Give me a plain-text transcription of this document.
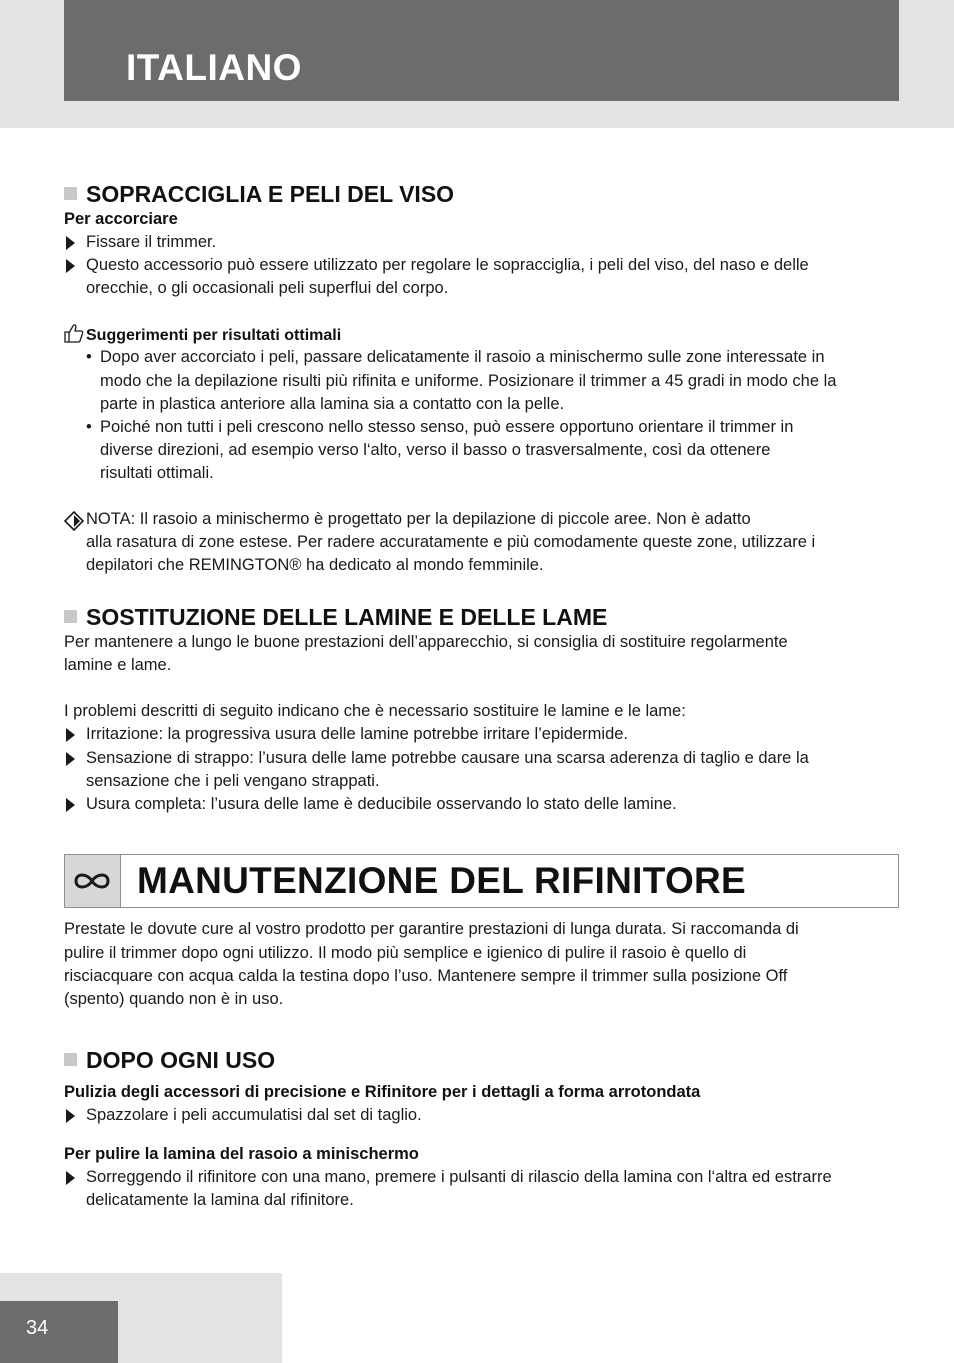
ITALIANO
SOPRACCIGLIA E PELI DEL VISO
Per accorciare
Fissare il trimmer.
Questo accessorio può essere utilizzato per regolare le sopracciglia, i peli del viso, del naso e delle
orecchie, o gli occasionali peli superflui del corpo.
Suggerimenti per risultati ottimali
• Dopo aver accorciato i peli, passare delicatamente il rasoio a minischermo sulle zone interessate in
modo che la depilazione risulti più rifinita e uniforme. Posizionare il trimmer a 45 gradi in modo che la
parte in plastica anteriore alla lamina sia a contatto con la pelle.
• Poiché non tutti i peli crescono nello stesso senso, può essere opportuno orientare il trimmer in
diverse direzioni, ad esempio verso l‘alto, verso il basso o trasversalmente, così da ottenere
risultati ottimali.
NOTA: Il rasoio a minischermo è progettato per la depilazione di piccole aree. Non è adatto
alla rasatura di zone estese. Per radere accuratamente e più comodamente queste zone, utilizzare i
depilatori che REMINGTON® ha dedicato al mondo femminile.
SOSTITUZIONE DELLE LAMINE E DELLE LAME
Per mantenere a lungo le buone prestazioni dell’apparecchio, si consiglia di sostituire regolarmente
lamine e lame.
I problemi descritti di seguito indicano che è necessario sostituire le lamine e le lame:
Irritazione: la progressiva usura delle lamine potrebbe irritare l’epidermide.
Sensazione di strappo: l’usura delle lame potrebbe causare una scarsa aderenza di taglio e dare la
sensazione che i peli vengano strappati.
Usura completa: l’usura delle lame è deducibile osservando lo stato delle lamine.
MANUTENZIONE DEL RIFINITORE
Prestate le dovute cure al vostro prodotto per garantire prestazioni di lunga durata. Si raccomanda di
pulire il trimmer dopo ogni utilizzo. Il modo più semplice e igienico di pulire il rasoio è quello di
risciacquare con acqua calda la testina dopo l’uso. Mantenere sempre il trimmer sulla posizione Off
(spento) quando non è in uso.
DOPO OGNI USO
Pulizia degli accessori di precisione e Rifinitore per i dettagli a forma arrotondata
Spazzolare i peli accumulatisi dal set di taglio.
Per pulire la lamina del rasoio a minischermo
Sorreggendo il rifinitore con una mano, premere i pulsanti di rilascio della lamina con l‘altra ed estrarre
delicatamente la lamina dal rifinitore.
34
